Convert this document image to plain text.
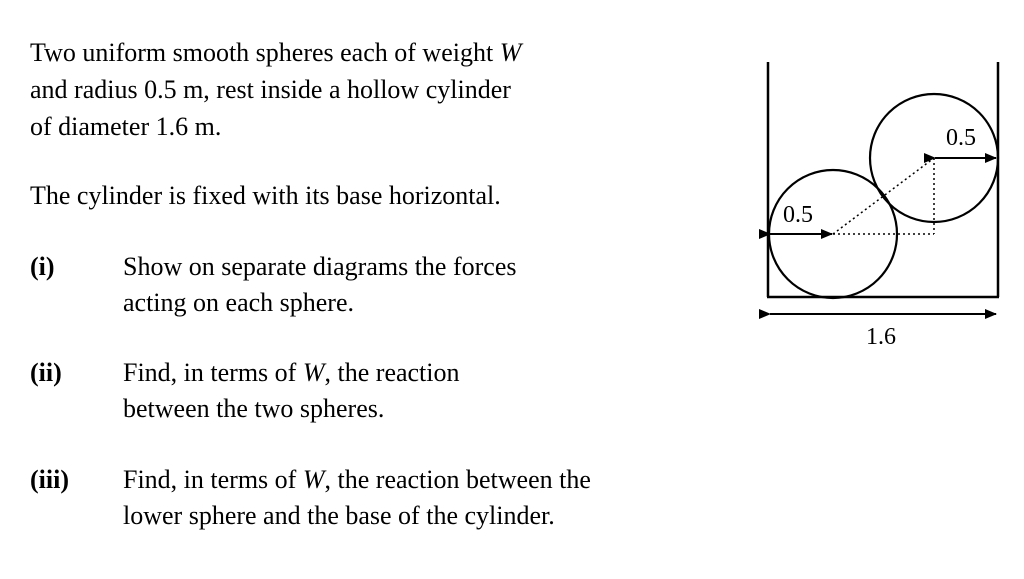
Two uniform smooth spheres each of weight W
and radius 0.5 m, rest inside a hollow cylinder
of diameter 1.6 m.
The cylinder is fixed with its base horizontal.
(i)	Show on separate diagrams the forces
acting on each sphere.
(ii) Find, in terms of W, the reaction
between the two spheres.
(iii) Find, in terms of W, the reaction between the
lower sphere and the base of the cylinder.
0.5
0.5
1.6
